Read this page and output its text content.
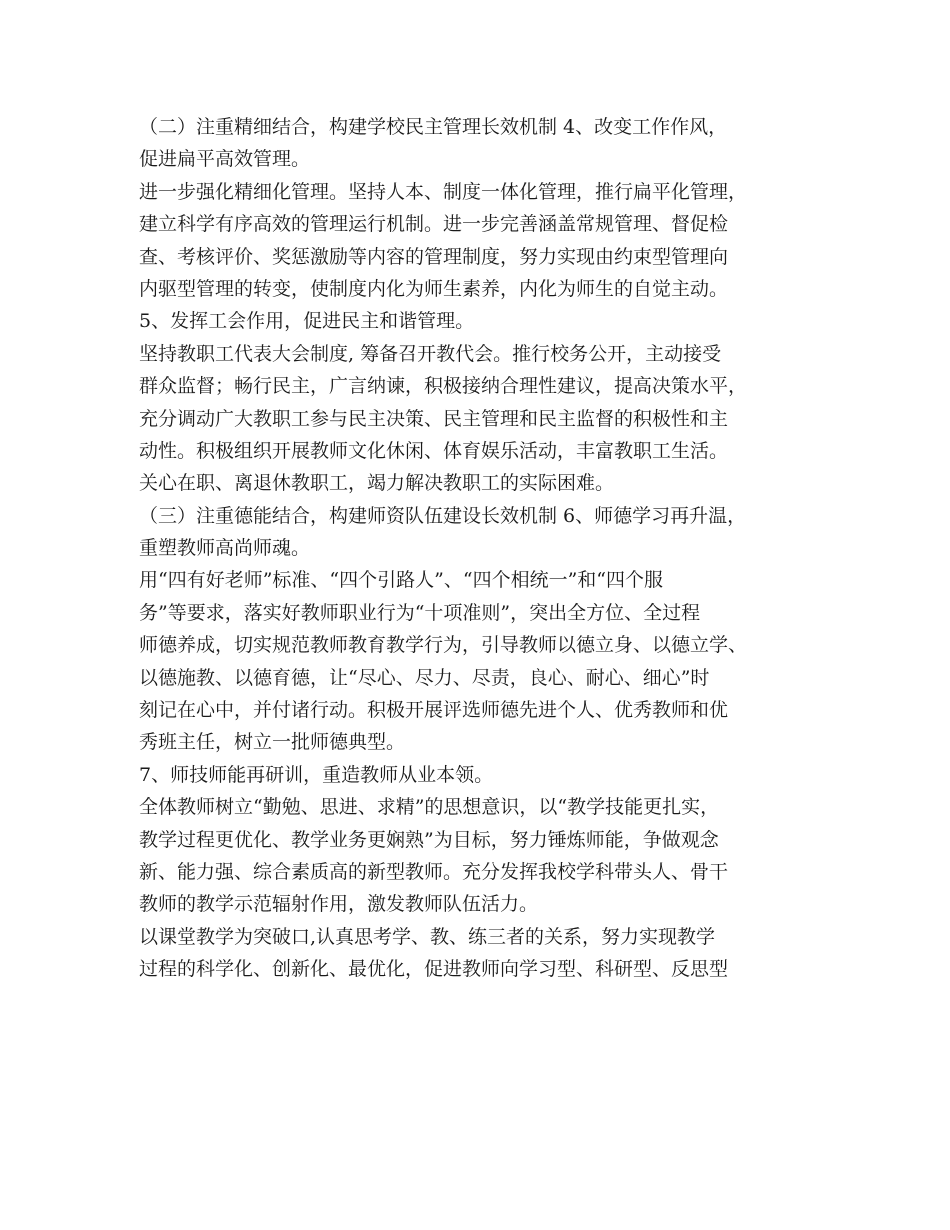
（二）注重精细结合，构建学校民主管理长效机制 4、改变工作作风，
促进扁平高效管理。
进一步强化精细化管理。坚持人本、制度一体化管理，推行扁平化管理，
建立科学有序高效的管理运行机制。进一步完善涵盖常规管理、督促检
查、考核评价、奖惩激励等内容的管理制度，努力实现由约束型管理向
内驱型管理的转变，使制度内化为师生素养，内化为师生的自觉主动。
5、发挥工会作用，促进民主和谐管理。
坚持教职工代表大会制度, 筹备召开教代会。推行校务公开，主动接受
群众监督；畅行民主，广言纳谏，积极接纳合理性建议，提高决策水平，
充分调动广大教职工参与民主决策、民主管理和民主监督的积极性和主
动性。积极组织开展教师文化休闲、体育娱乐活动，丰富教职工生活。
关心在职、离退休教职工，竭力解决教职工的实际困难。
（三）注重德能结合，构建师资队伍建设长效机制 6、师德学习再升温，
重塑教师高尚师魂。
用“四有好老师”标准、“四个引路人”、“四个相统一”和“四个服
务”等要求，落实好教师职业行为“十项准则”，突出全方位、全过程
师德养成，切实规范教师教育教学行为，引导教师以德立身、以德立学、
以德施教、以德育德，让“尽心、尽力、尽责，良心、耐心、细心”时
刻记在心中，并付诸行动。积极开展评选师德先进个人、优秀教师和优
秀班主任，树立一批师德典型。
7、师技师能再研训，重造教师从业本领。
全体教师树立“勤勉、思进、求精”的思想意识，以“教学技能更扎实，
教学过程更优化、教学业务更娴熟”为目标，努力锤炼师能，争做观念
新、能力强、综合素质高的新型教师。充分发挥我校学科带头人、骨干
教师的教学示范辐射作用，激发教师队伍活力。
以课堂教学为突破口,认真思考学、教、练三者的关系，努力实现教学
过程的科学化、创新化、最优化，促进教师向学习型、科研型、反思型
